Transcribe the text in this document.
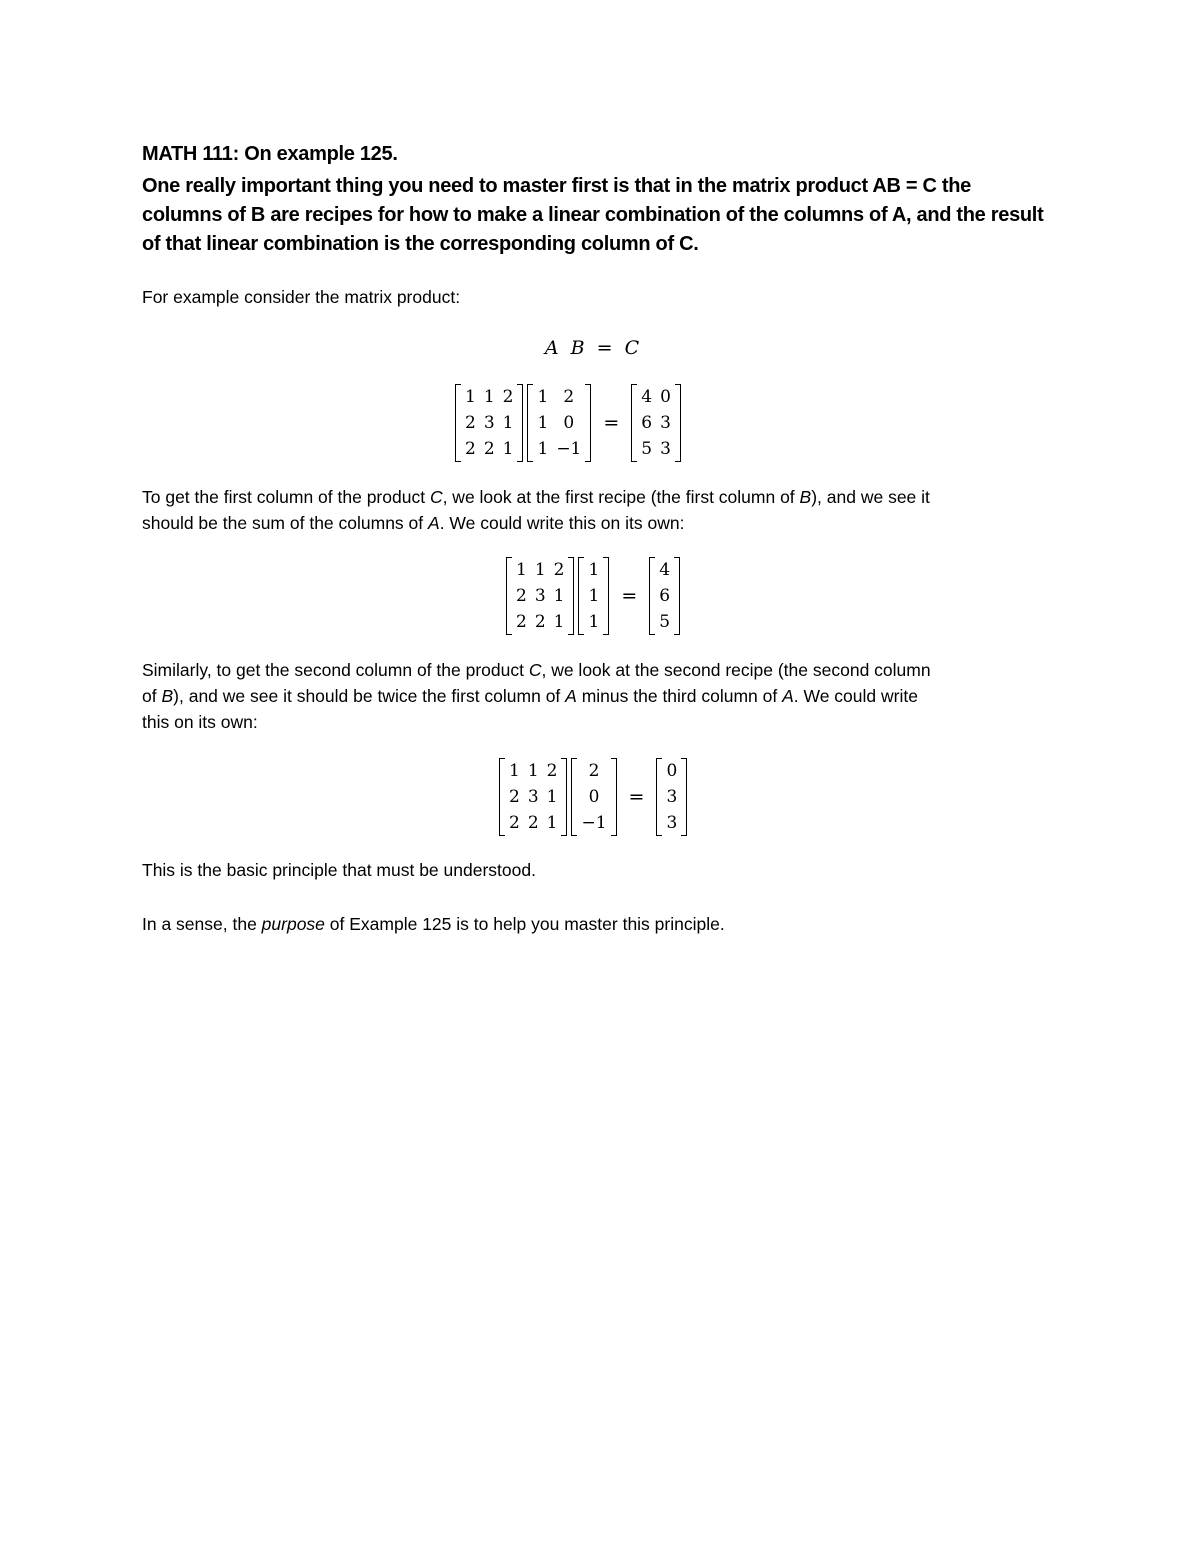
MATH 111: On example 125.
One really important thing you need to master first is that in the matrix product AB = C the columns of B are recipes for how to make a linear combination of the columns of A, and the result of that linear combination is the corresponding column of C.
For example consider the matrix product:
A B = C
1	1	2
2	3	1
2	2	1
1	2
1	0
1	−1
=
4	0
6	3
5	3
To get the first column of the product C, we look at the first recipe (the first column of B), and we see it
should be the sum of the columns of A. We could write this on its own:
1	1	2
2	3	1
2	2	1
1
1
1
=
4
6
5
Similarly, to get the second column of the product C, we look at the second recipe (the second column
of B), and we see it should be twice the first column of A minus the third column of A. We could write
this on its own:
1	1	2
2	3	1
2	2	1
2
0
−1
=
0
3
3
This is the basic principle that must be understood.
In a sense, the purpose of Example 125 is to help you master this principle.
